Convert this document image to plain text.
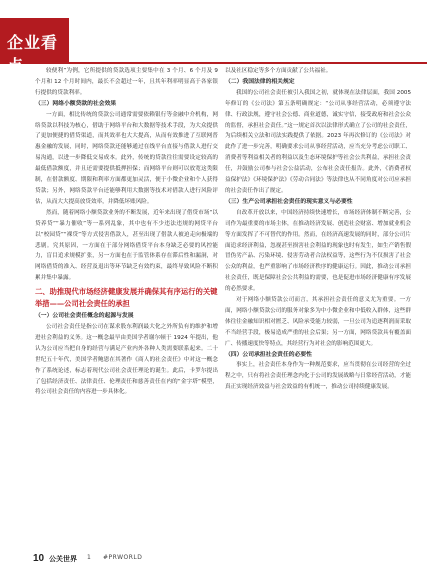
企业看点	较便利”为例，它所提供的贷款选项主要集中在 3 个月、6 个月及 9 个月和 12 个月时间内，最长不会超过一年，且其年利率明显高于各家银行提供的贷款利率。

（三）网络小额贷款的社会效果

一方面，相比传统的贷款公司通常需要依赖银行等金融中介机构，网络贷款以科技为核心，借助于网络平台和大数据等技术手段，为大众提供了更加便捷的借贷渠道，而其效率也大大提高，从而有效推进了互联网普惠金融的发展，同时，网络贷款还能够通过在线平台直接与借款人进行交易沟通，以进一步降低交易成本。此外，传统的贷款往往需要设定较高的最低借款额度，并且还需要提供抵押担保；而网络平台则可以放宽这类限制，在借款额度、期限和利率方面都更加灵活，便于小微企业和个人获得贷款；另外，网络贷款平台还能够利用大数据等技术对借款人进行风险评估，从而大大提高放贷效率，并降低坏账风险。

然而，随着网络小额贷款业务的不断发展，近年来出现了借贷市场“以贷养贷”“暴力催收”等一系列乱象，其中也有不少违法违规的网贷平台以“校园贷”“裸贷”等方式侵害借款人，甚至出现了借款人被迫走向极端的悲剧。究其原因，一方面在于部分网络借贷平台本身缺乏必要的风控能力，盲目追求规模扩张，另一方面也在于监管体系存在滞后性和漏洞，对网络借贷的准入、经营及退出等环节缺乏有效约束，最终导致风险不断积累并集中暴露。

二、助推现代市场经济健康发展并确保其有序运行的关键举措——公司社会责任的承担

（一）公司社会责任概念的起源与发展

公司社会责任是指公司在谋求股东利润最大化之外所负有的维护和增进社会利益的义务。这一概念最早由美国学者谢尔顿于 1924 年提出，他认为公司应当把自身的经营与满足产业内外各种人类需要联系起来。二十世纪五十年代，美国学者鲍恩在其著作《商人的社会责任》中对这一概念作了系统论述，标志着现代公司社会责任理论的诞生。此后，卡罗尔提出了包括经济责任、法律责任、伦理责任和慈善责任在内的“金字塔”模型，将公司社会责任的内容进一步具体化。

以及社区稳定等多个方面贡献了公共福祉。

（二）我国法律的相关规定

我国的公司社会责任被引入我国之初，就体现在法律层面，我国 2005 年修订的《公司法》第五条明确规定：“公司从事经营活动，必须遵守法律、行政法规，遵守社会公德、商业道德，诚实守信，接受政府和社会公众的监督，承担社会责任。”这一规定首次以法律形式确立了公司的社会责任，为后续相关立法和司法实践提供了依据。2023 年再次修订的《公司法》对此作了进一步完善，明确要求公司从事经营活动，应当充分考虑公司职工、消费者等利益相关者的利益以及生态环境保护等社会公共利益，承担社会责任，并鼓励公司参与社会公益活动，公布社会责任报告。此外，《消费者权益保护法》《环境保护法》《劳动合同法》等法律也从不同角度对公司应承担的社会责任作出了规定。

（三）生产公司承担社会责任的现实意义与必要性

自改革开放以来，中国经济持续快速增长，市场经济体制不断完善，公司作为最重要的市场主体，在推动经济发展、创造社会财富、增加就业机会等方面发挥了不可替代的作用。然而，在经济高速发展的同时，部分公司片面追求经济利益，忽视甚至损害社会利益的现象也时有发生，如生产销售假冒伪劣产品、污染环境、侵害劳动者合法权益等，这些行为不仅损害了社会公众的利益，也严重影响了市场经济秩序的健康运行。因此，推动公司承担社会责任，既是保障社会公共利益的需要，也是促进市场经济健康有序发展的必然要求。

对于网络小额贷款公司而言，其承担社会责任的意义尤为重要。一方面，网络小额贷款公司的服务对象多为中小微企业和中低收入群体，这些群体往往金融知识相对匮乏、风险承受能力较弱，一旦公司为追逐利润而采取不当经营手段，极易造成严重的社会后果；另一方面，网络贷款具有覆盖面广、传播速度快等特点，其经营行为对社会的影响范围更大。

（四）公司承担社会责任的必要性

事实上，社会责任本身作为一种规范要求，应当贯彻在公司经营的全过程之中，只有将社会责任理念内化于公司的发展战略与日常经营活动，才能真正实现经济效益与社会效益的有机统一，推动公司持续健康发展。

10 公关世界 1 #PRWORLD
